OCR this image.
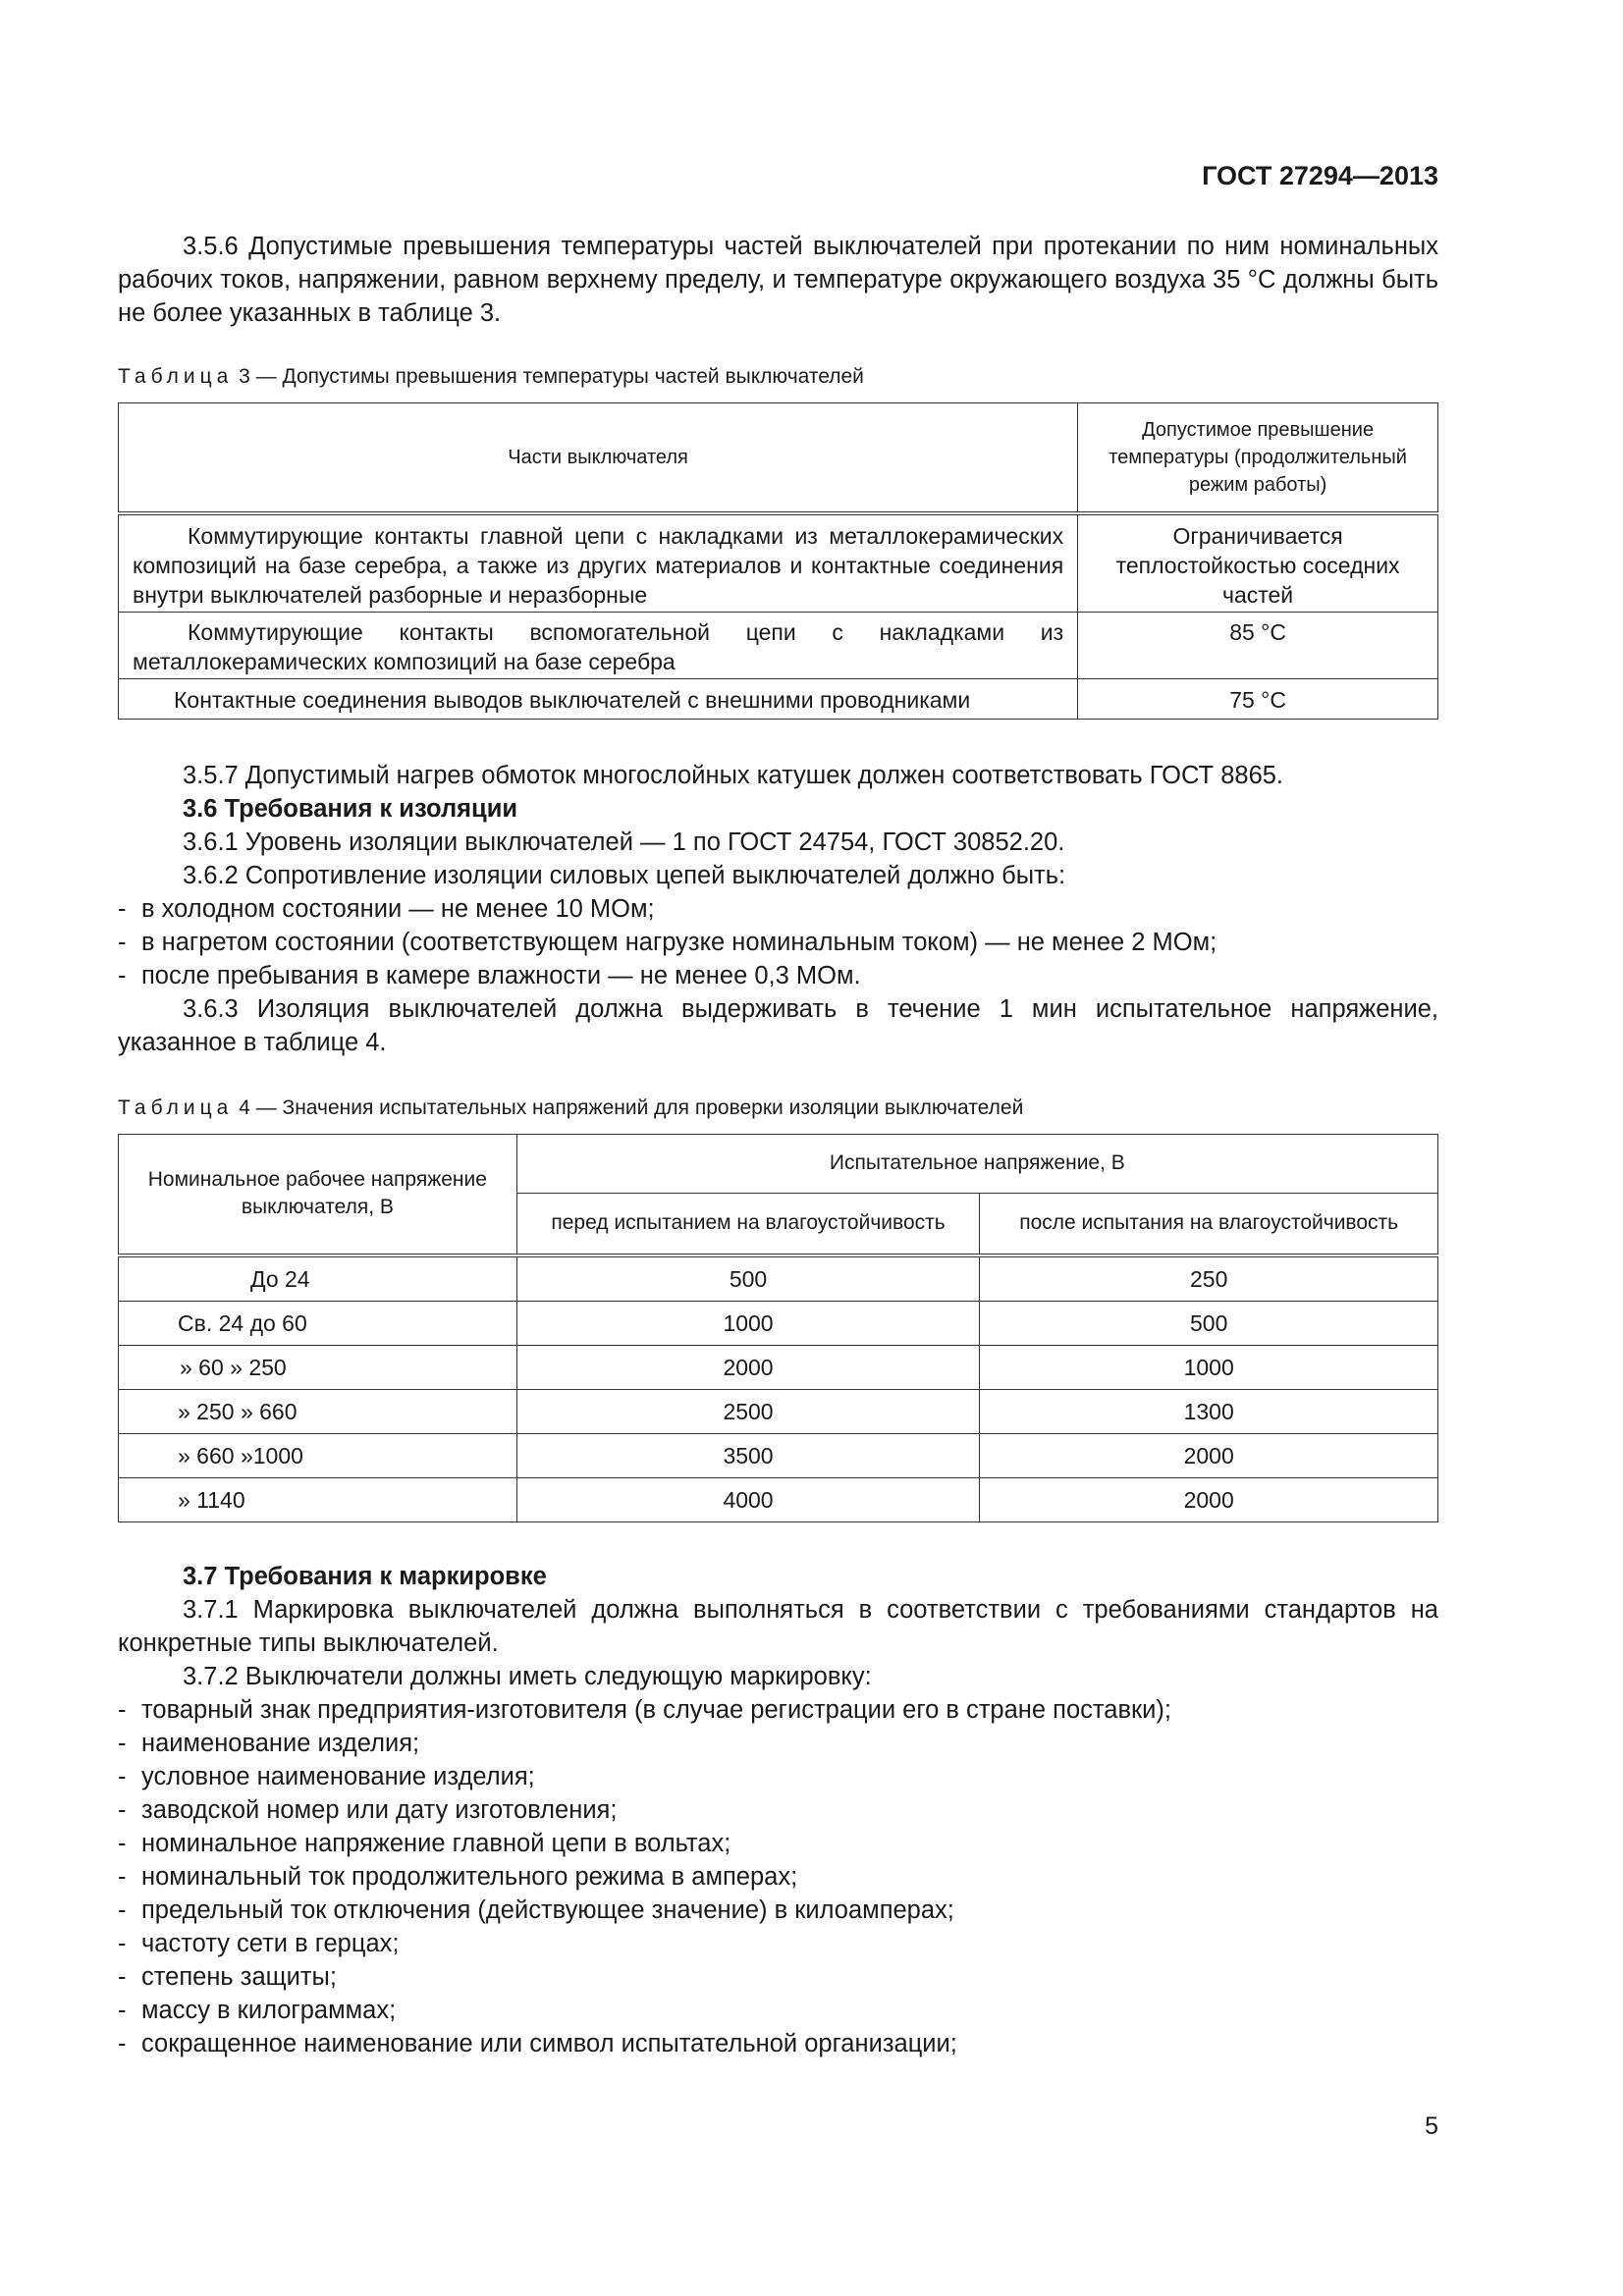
ГОСТ 27294—2013

3.5.6 Допустимые превышения температуры частей выключателей при протекании по ним номинальных рабочих токов, напряжении, равном верхнему пределу, и температуре окружающего воздуха 35 °С должны быть не более указанных в таблице 3.

Таблица 3 — Допустимы превышения температуры частей выключателей

Части выключателя	Допустимое превышение температуры (продолжительный режим работы)
Коммутирующие контакты главной цепи с накладками из металлокерамических композиций на базе серебра, а также из других материалов и контактные соединения внутри выключателей разборные и неразборные	Ограничивается теплостойкостью соседних частей
Коммутирующие контакты вспомогательной цепи с накладками из металлокерамических композиций на базе серебра	85 °С
Контактные соединения выводов выключателей с внешними проводниками	75 °С

3.5.7 Допустимый нагрев обмоток многослойных катушек должен соответствовать ГОСТ 8865.

3.6 Требования к изоляции

3.6.1 Уровень изоляции выключателей — 1 по ГОСТ 24754, ГОСТ 30852.20.

3.6.2 Сопротивление изоляции силовых цепей выключателей должно быть:

- в холодном состоянии — не менее 10 МОм;
- в нагретом состоянии (соответствующем нагрузке номинальным током) — не менее 2 МОм;
- после пребывания в камере влажности — не менее 0,3 МОм.

3.6.3 Изоляция выключателей должна выдерживать в течение 1 мин испытательное напряжение, указанное в таблице 4.

Таблица 4 — Значения испытательных напряжений для проверки изоляции выключателей

Номинальное рабочее напряжение выключателя, В	Испытательное напряжение, В	
	перед испытанием на влагоустойчивость	после испытания на влагоустойчивость
До 24	500	250
Св. 24 до 60	1000	500
» 60 » 250	2000	1000
» 250 » 660	2500	1300
» 660 »1000	3500	2000
» 1140	4000	2000

3.7 Требования к маркировке

3.7.1 Маркировка выключателей должна выполняться в соответствии с требованиями стандартов на конкретные типы выключателей.

3.7.2 Выключатели должны иметь следующую маркировку:

- товарный знак предприятия-изготовителя (в случае регистрации его в стране поставки);
- наименование изделия;
- условное наименование изделия;
- заводской номер или дату изготовления;
- номинальное напряжение главной цепи в вольтах;
- номинальный ток продолжительного режима в амперах;
- предельный ток отключения (действующее значение) в килоамперах;
- частоту сети в герцах;
- степень защиты;
- массу в килограммах;
- сокращенное наименование или символ испытательной организации;
5
